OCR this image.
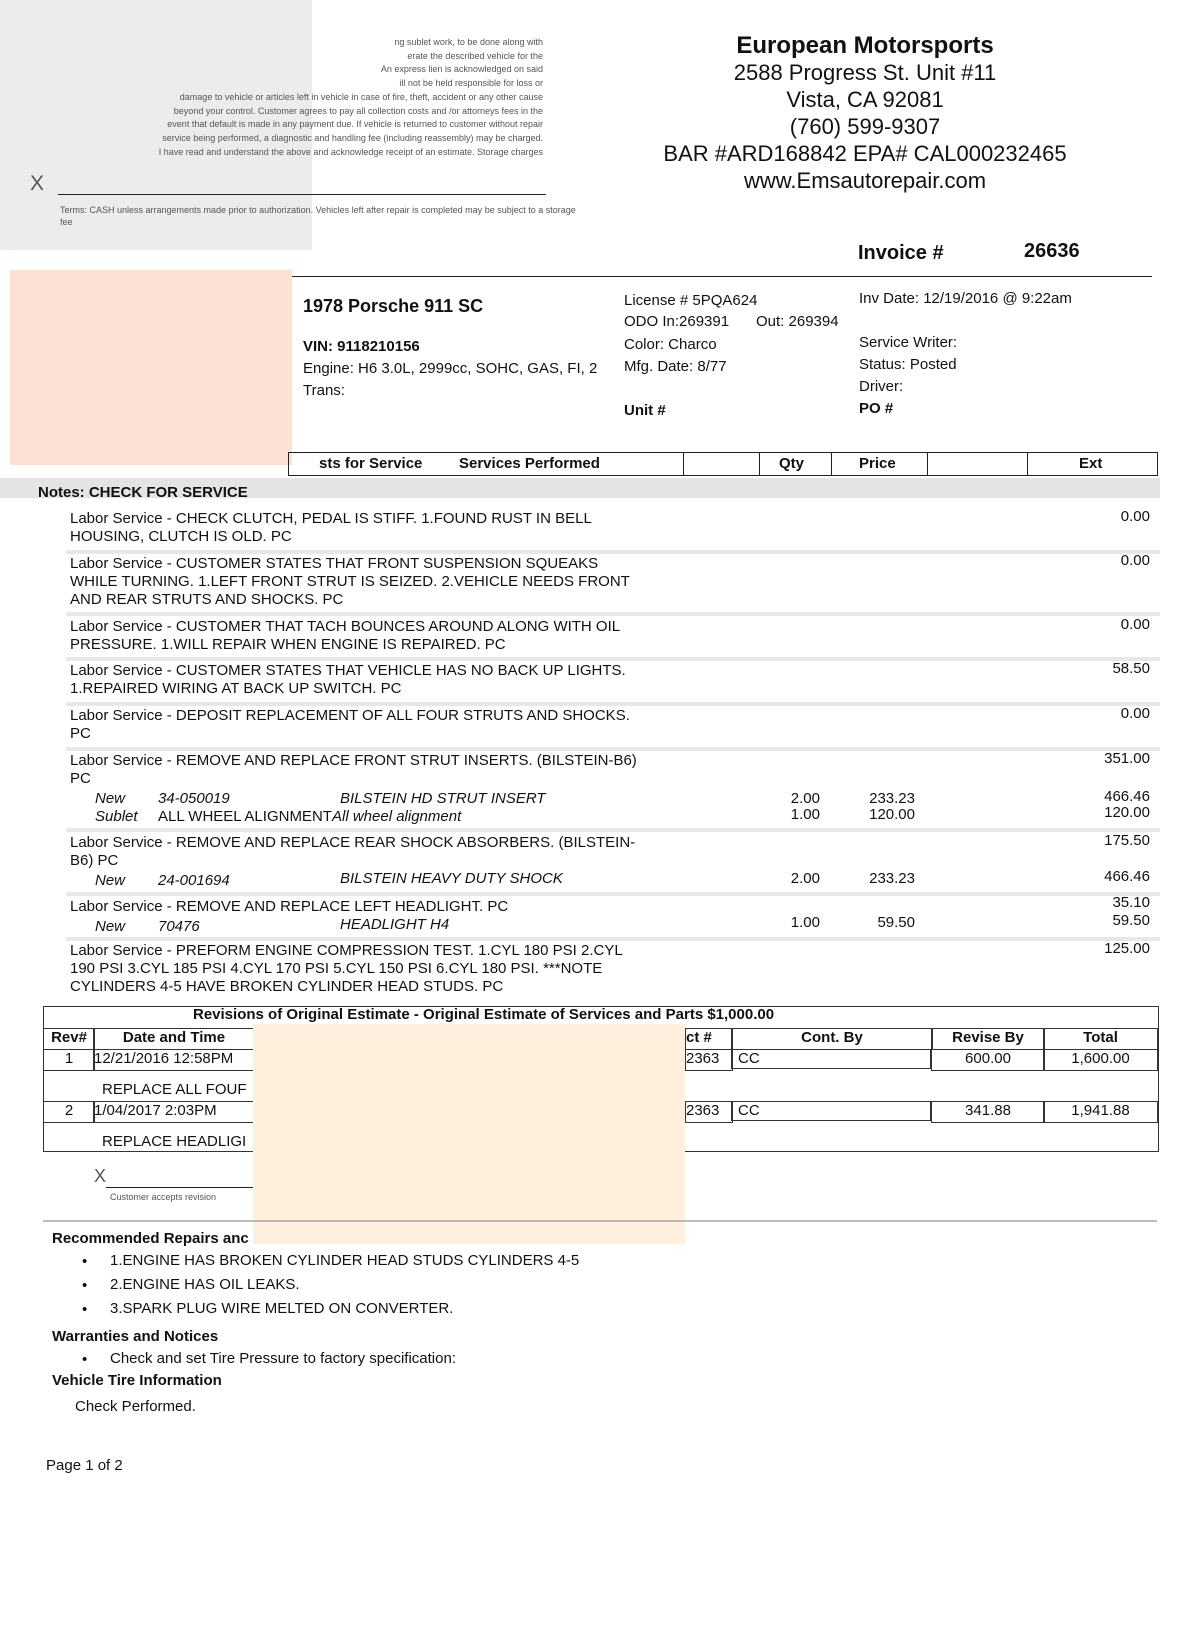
ng sublet work, to be done along with
erate the described vehicle for the
An express lien is acknowledged on said
ill not be held responsible for loss or
damage to vehicle or articles left in vehicle in case of fire, theft, accident or any other cause
beyond your control. Customer agrees to pay all collection costs and /or attorneys fees in the
event that default is made in any payment due. If vehicle is returned to customer without repair
service being performed, a diagnostic and handling fee (including reassembly) may be charged.
I have read and understand the above and acknowledge receipt of an estimate. Storage charges
X
Terms: CASH unless arrangements made prior to authorization. Vehicles left after repair is completed may be subject to a storage fee
European Motorsports
2588 Progress St. Unit #11
Vista, CA 92081
(760) 599-9307
BAR #ARD168842 EPA# CAL000232465
www.Emsautorepair.com
Invoice #	26636
1978 Porsche 911 SC
VIN: 9118210156
Engine: H6 3.0L, 2999cc, SOHC, GAS, FI, 2
Trans:
License # 5PQA624
ODO In:269391 Out: 269394
Color: Charco
Mfg. Date: 8/77
Unit #
Inv Date: 12/19/2016 @ 9:22am
Service Writer:
Status: Posted
Driver:
PO #
sts for Service Services Performed	Qty	Price	Ext
Notes: CHECK FOR SERVICE
Labor Service - CHECK CLUTCH, PEDAL IS STIFF. 1.FOUND RUST IN BELL
HOUSING, CLUTCH IS OLD. PC
0.00
Labor Service - CUSTOMER STATES THAT FRONT SUSPENSION SQUEAKS
WHILE TURNING. 1.LEFT FRONT STRUT IS SEIZED. 2.VEHICLE NEEDS FRONT
AND REAR STRUTS AND SHOCKS. PC
0.00
Labor Service - CUSTOMER THAT TACH BOUNCES AROUND ALONG WITH OIL
PRESSURE. 1.WILL REPAIR WHEN ENGINE IS REPAIRED. PC
0.00
Labor Service - CUSTOMER STATES THAT VEHICLE HAS NO BACK UP LIGHTS.
1.REPAIRED WIRING AT BACK UP SWITCH. PC
58.50
Labor Service - DEPOSIT REPLACEMENT OF ALL FOUR STRUTS AND SHOCKS.
PC
0.00
Labor Service - REMOVE AND REPLACE FRONT STRUT INSERTS. (BILSTEIN-B6)
PC
351.00
New 34-050019	BILSTEIN HD STRUT INSERT	2.00	233.23	466.46
Sublet ALL WHEEL ALIGNMENT All wheel alignment	1.00	120.00	120.00
Labor Service - REMOVE AND REPLACE REAR SHOCK ABSORBERS. (BILSTEIN-
B6) PC
175.50
New 24-001694	BILSTEIN HEAVY DUTY SHOCK	2.00	233.23	466.46
Labor Service - REMOVE AND REPLACE LEFT HEADLIGHT. PC	35.10
New 70476	HEADLIGHT H4	1.00	59.50	59.50
Labor Service - PREFORM ENGINE COMPRESSION TEST. 1.CYL 180 PSI 2.CYL
190 PSI 3.CYL 185 PSI 4.CYL 170 PSI 5.CYL 150 PSI 6.CYL 180 PSI. ***NOTE
CYLINDERS 4-5 HAVE BROKEN CYLINDER HEAD STUDS. PC
125.00
Revisions of Original Estimate - Original Estimate of Services and Parts $1,000.00
Rev#	Date and Time	ct #	Cont. By	Revise By	Total
1	12/21/2016 12:58PM	2363	CC	600.00	1,600.00
REPLACE ALL FOUF
2	1/04/2017 2:03PM	2363	CC	341.88	1,941.88
REPLACE HEADLIGI
X
Customer accepts revision
Recommended Repairs anc
• 1.ENGINE HAS BROKEN CYLINDER HEAD STUDS CYLINDERS 4-5
• 2.ENGINE HAS OIL LEAKS.
• 3.SPARK PLUG WIRE MELTED ON CONVERTER.
Warranties and Notices
• Check and set Tire Pressure to factory specification:
Vehicle Tire Information
Check Performed.
Page 1 of 2
